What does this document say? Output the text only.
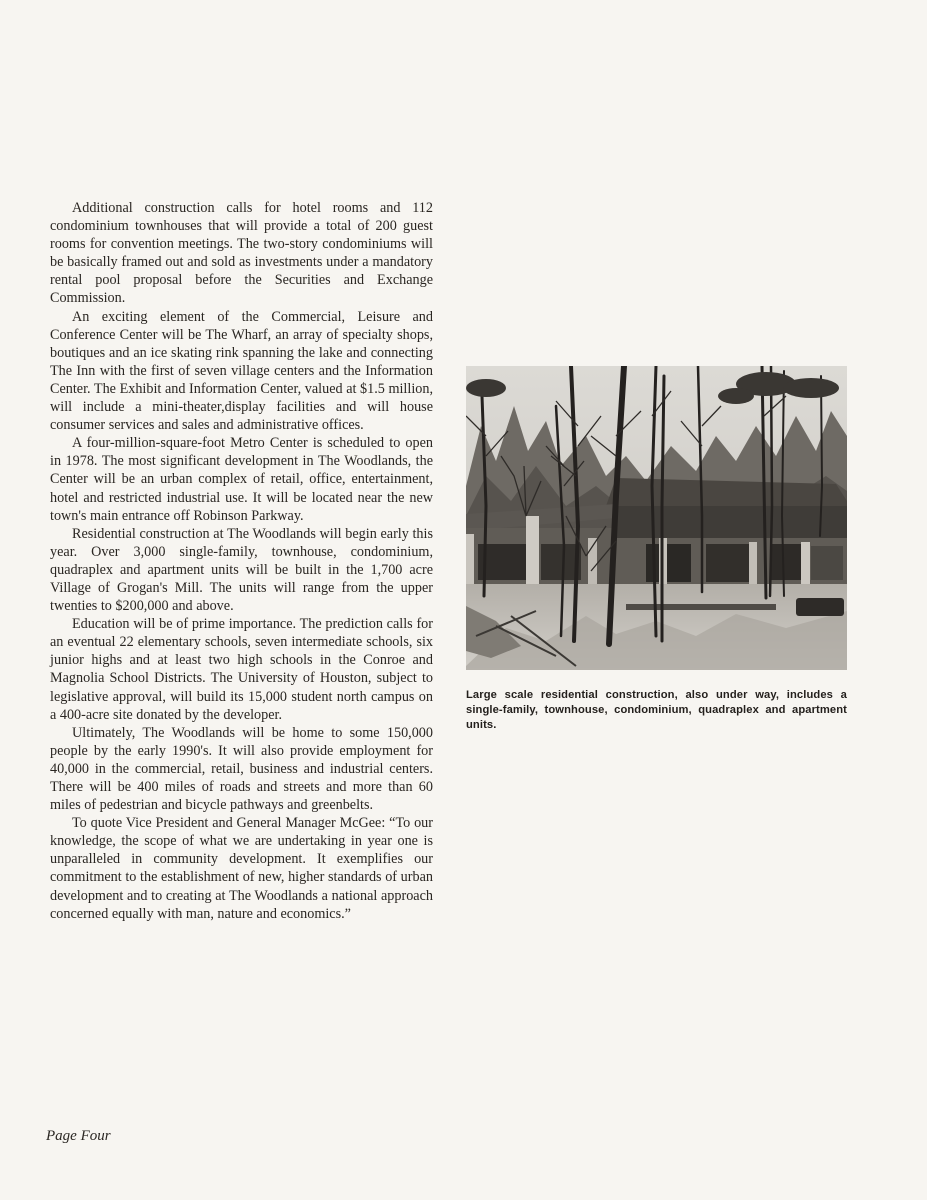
Additional construction calls for hotel rooms and 112 condominium townhouses that will provide a total of 200 guest rooms for convention meetings. The two-story condominiums will be basically framed out and sold as investments under a mandatory rental pool proposal before the Securities and Exchange Commission.

An exciting element of the Commercial, Leisure and Conference Center will be The Wharf, an array of specialty shops, boutiques and an ice skating rink spanning the lake and connecting The Inn with the first of seven village centers and the Information Center. The Exhibit and Information Center, valued at $1.5 million, will include a mini-theater,display facilities and will house consumer services and sales and administrative offices.

A four-million-square-foot Metro Center is scheduled to open in 1978. The most significant development in The Woodlands, the Center will be an urban complex of retail, office, entertainment, hotel and restricted industrial use. It will be located near the new town's main entrance off Robinson Parkway.

Residential construction at The Woodlands will begin early this year. Over 3,000 single-family, townhouse, condominium, quadraplex and apartment units will be built in the 1,700 acre Village of Grogan's Mill. The units will range from the upper twenties to $200,000 and above.

Education will be of prime importance. The prediction calls for an eventual 22 elementary schools, seven intermediate schools, six junior highs and at least two high schools in the Conroe and Magnolia School Districts. The University of Houston, subject to legislative approval, will build its 15,000 student north campus on a 400-acre site donated by the developer.

Ultimately, The Woodlands will be home to some 150,000 people by the early 1990's. It will also provide employment for 40,000 in the commercial, retail, business and industrial centers. There will be 400 miles of roads and streets and more than 60 miles of pedestrian and bicycle pathways and greenbelts.

To quote Vice President and General Manager McGee: “To our knowledge, the scope of what we are undertaking in year one is unparalleled in community development. It exemplifies our commitment to the establishment of new, higher standards of urban development and to creating at The Woodlands a national approach concerned equally with man, nature and economics.”

Large scale residential construction, also under way, includes a single-family, townhouse, condominium, quadraplex and apartment units.
Page Four
